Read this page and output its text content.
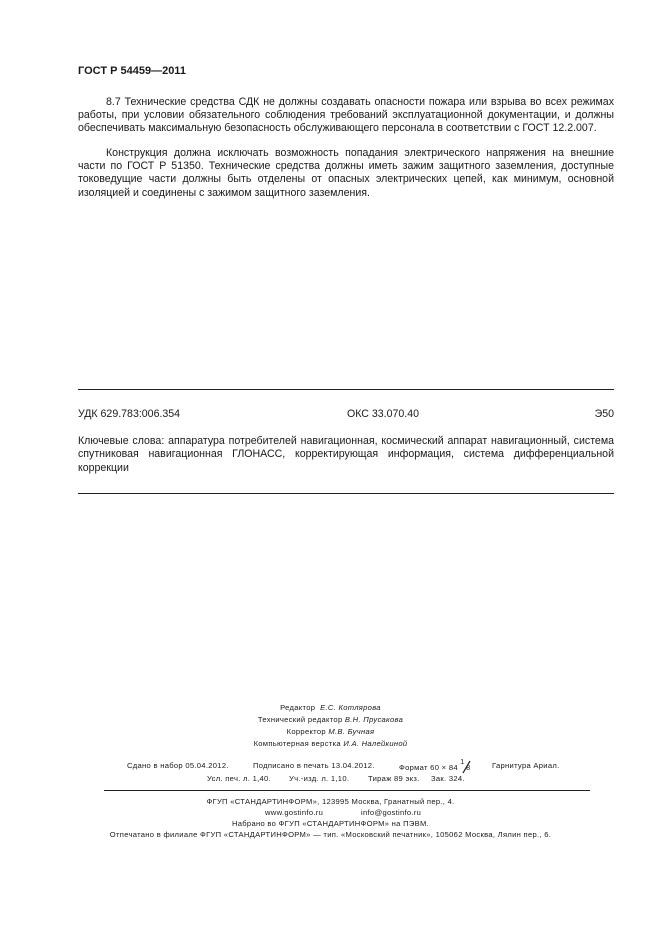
ГОСТ Р 54459—2011
8.7 Технические средства СДК не должны создавать опасности пожара или взрыва во всех режимах работы, при условии обязательного соблюдения требований эксплуатационной документации, и должны обеспечивать максимальную безопасность обслуживающего персонала в соответствии с ГОСТ 12.2.007.
Конструкция должна исключать возможность попадания электрического напряжения на внешние части по ГОСТ Р 51350. Технические средства должны иметь зажим защитного заземления, доступные токоведущие части должны быть отделены от опасных электрических цепей, как минимум, основной изоляцией и соединены с зажимом защитного заземления.
УДК 629.783:006.354	ОКС 33.070.40	Э50
Ключевые слова: аппаратура потребителей навигационная, космический аппарат навигационный, система спутниковая навигационная ГЛОНАСС, корректирующая информация, система дифференциальной коррекции
Редактор Е.С. Котлярова
Технический редактор В.Н. Прусакова
Корректор М.В. Бучная
Компьютерная верстка И.А. Налейкиной
Сдано в набор 05.04.2012.	Подписано в печать 13.04.2012.	Формат 60 × 84
1
8	Гарнитура Ариал.
Усл. печ. л. 1,40. Уч.-изд. л. 1,10. Тираж 89 экз. Зак. 324.
ФГУП «СТАНДАРТИНФОРМ», 123995 Москва, Гранатный пер., 4.
www.gostinfo.ru	info@gostinfo.ru
Набрано во ФГУП «СТАНДАРТИНФОРМ» на ПЭВМ.
Отпечатано в филиале ФГУП «СТАНДАРТИНФОРМ» — тип. «Московский печатник», 105062 Москва, Лялин пер., 6.
